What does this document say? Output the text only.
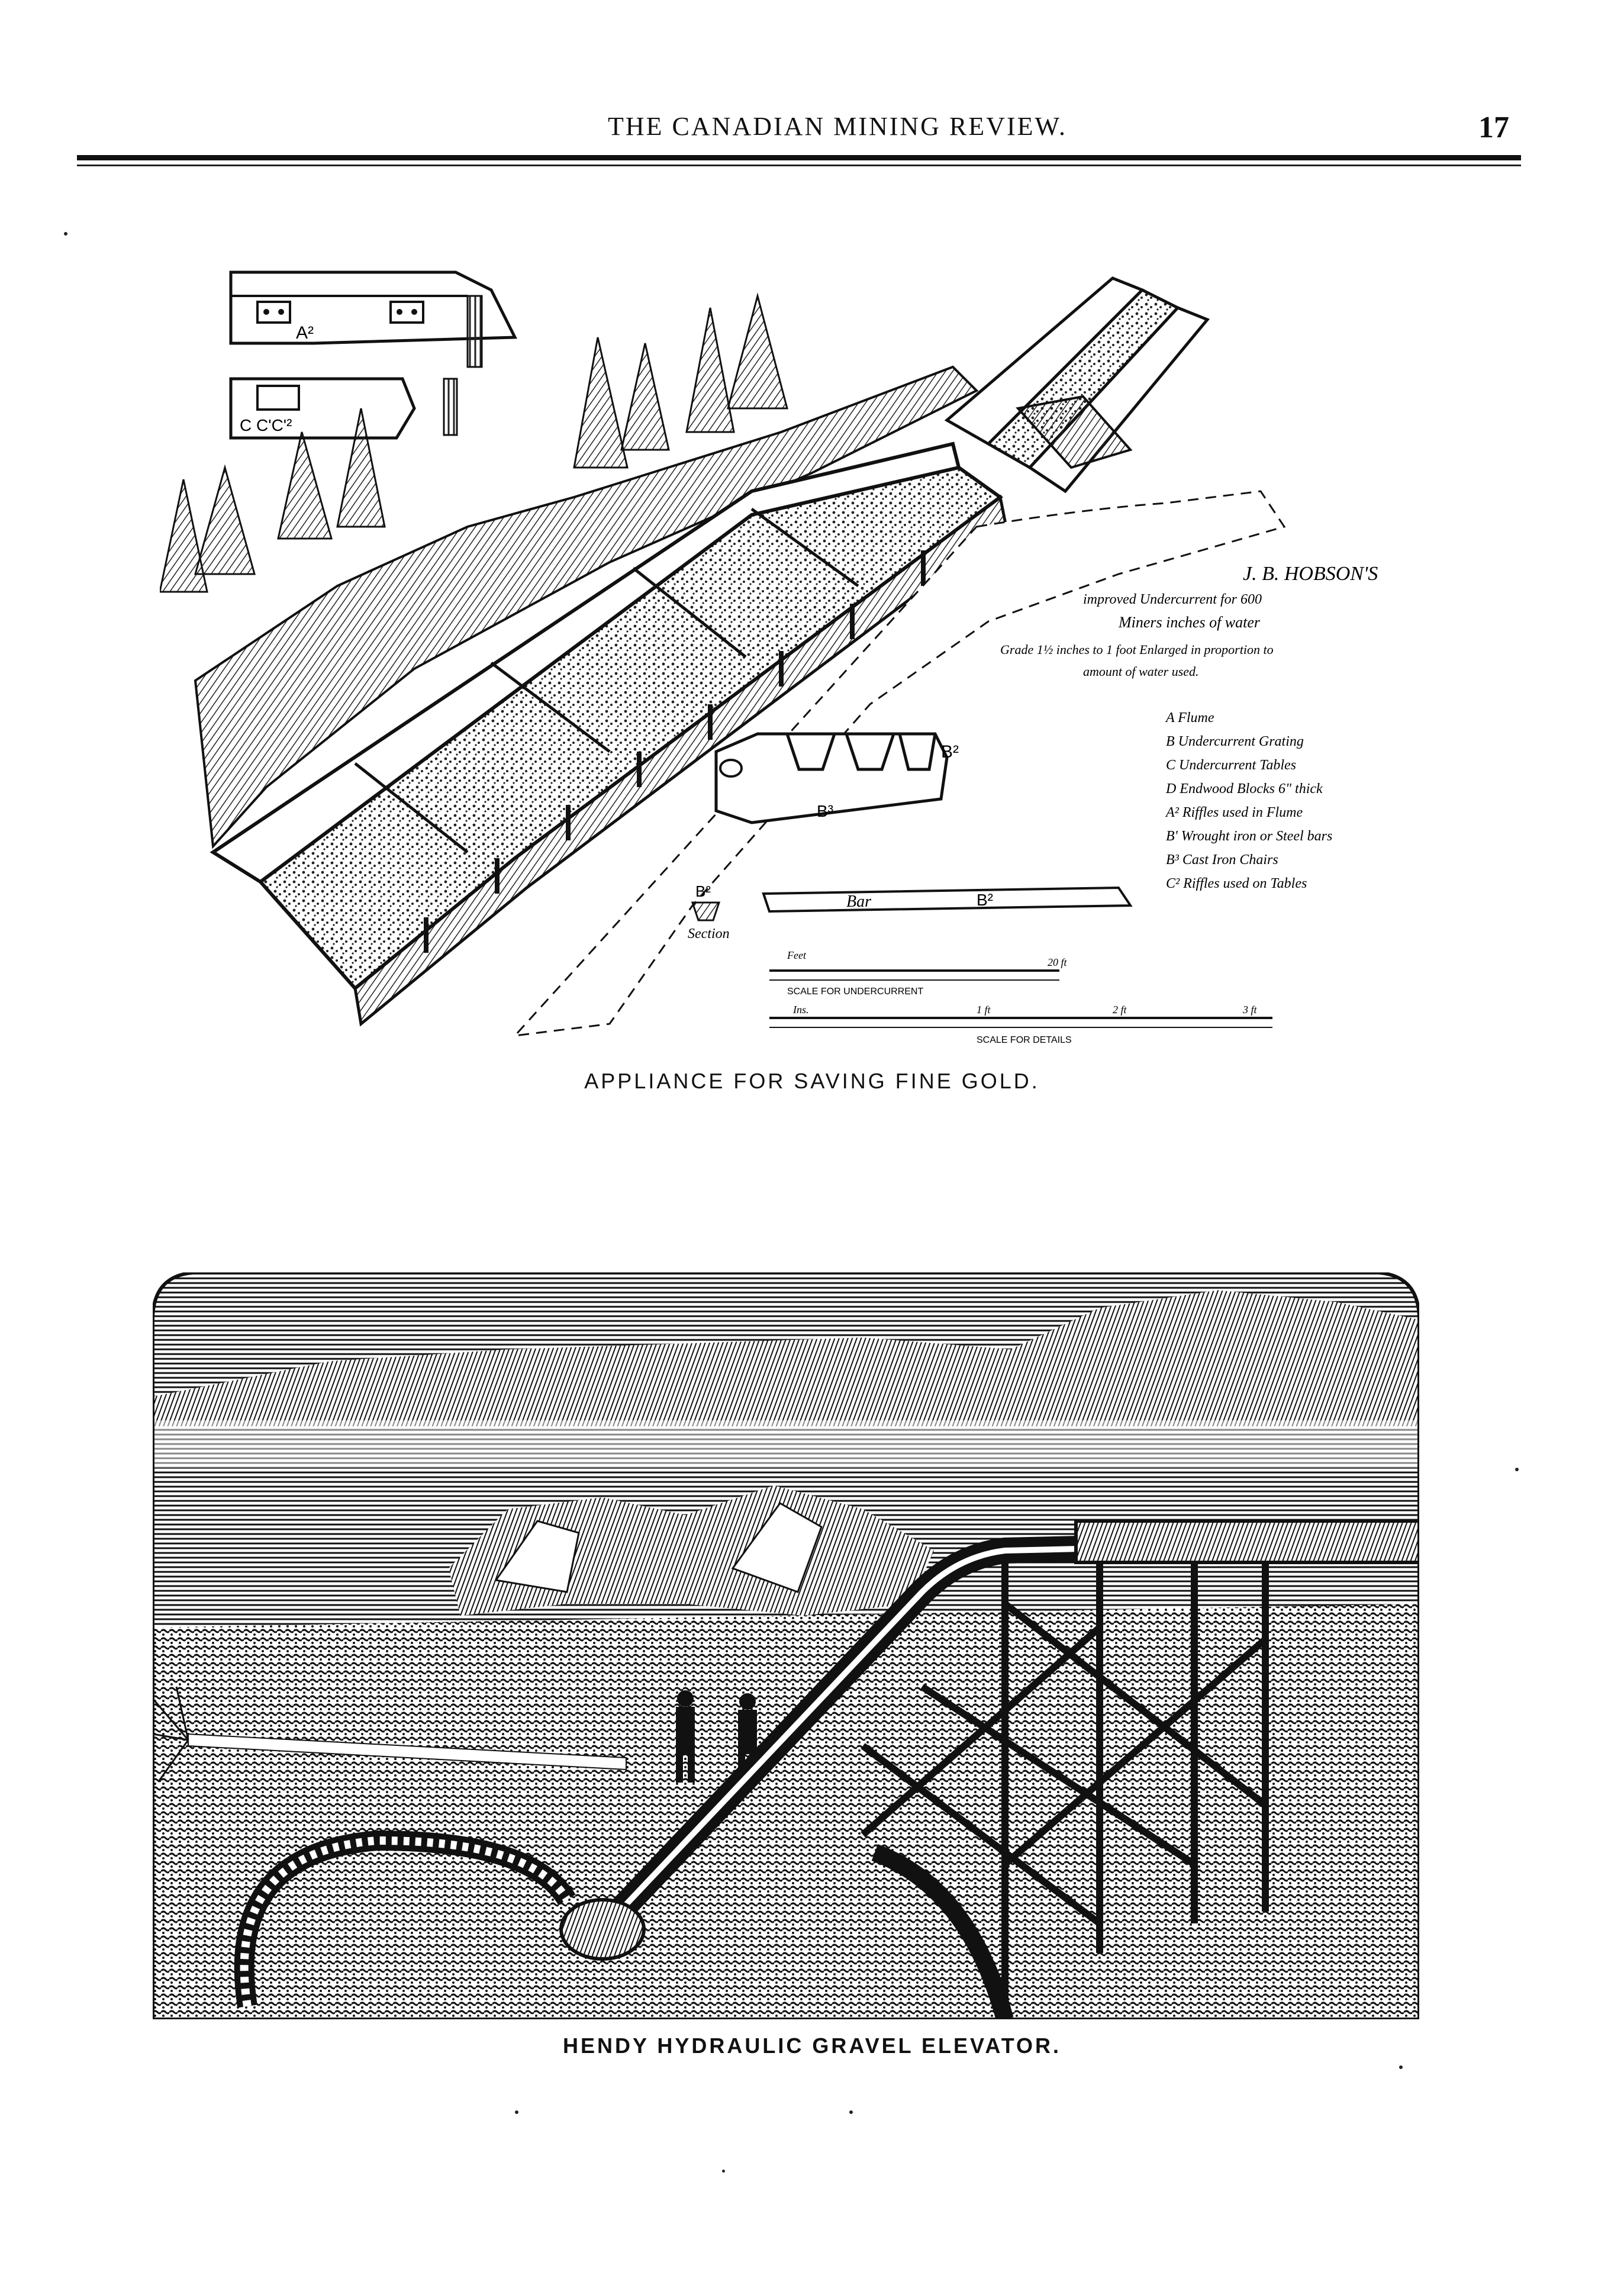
THE CANADIAN MINING REVIEW.	17
A²
C C'C'²
B²
B³
Bar	B²
B²
Section
Feet
20 ft
SCALE FOR UNDERCURRENT
Ins.	1 ft	2 ft	3 ft
SCALE FOR DETAILS
J. B. HOBSON'S
improved Undercurrent for 600
Miners inches of water
Grade 1½ inches to 1 foot Enlarged in proportion to
amount of water used.
A Flume
B Undercurrent Grating
C Undercurrent Tables
D Endwood Blocks 6" thick
A² Riffles used in Flume
B' Wrought iron or Steel bars
B³ Cast Iron Chairs
C² Riffles used on Tables
APPLIANCE FOR SAVING FINE GOLD.
HENDY HYDRAULIC GRAVEL ELEVATOR.
